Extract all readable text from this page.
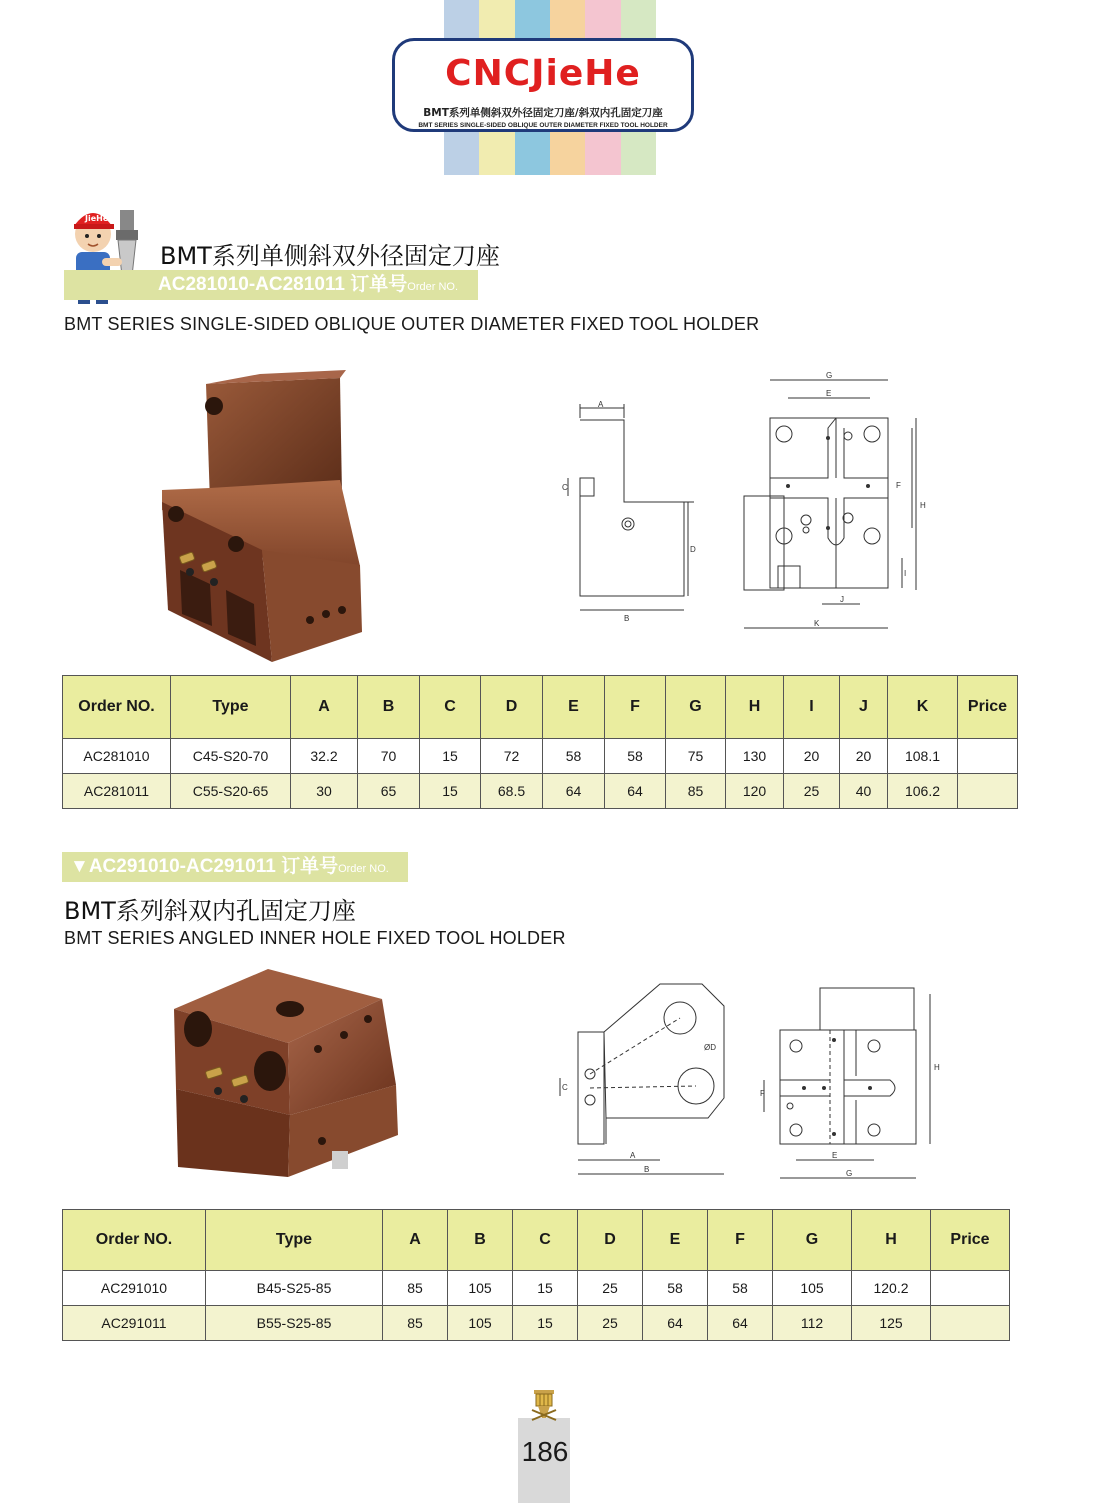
CNCJieHe
BMT系列单侧斜双外径固定刀座/斜双内孔固定刀座
BMT SERIES SINGLE-SIDED OBLIQUE OUTER DIAMETER FIXED TOOL HOLDER
JieHe
BMT系列单侧斜双外径固定刀座
AC281010-AC281011 订单号Order NO.
BMT SERIES SINGLE-SIDED OBLIQUE OUTER DIAMETER FIXED TOOL HOLDER
A
B
C
D
G
E
F
H
I
J
K
Order NO.	Type	A	B	C	D	E	F	G	H	I	J	K	Price
AC281010	C45-S20-70	32.2	70	15	72	58	58	75	130	20	20	108.1	
AC281011	C55-S20-65	30	65	15	68.5	64	64	85	120	25	40	106.2	
▼AC291010-AC291011 订单号Order NO.
BMT系列斜双内孔固定刀座
BMT SERIES ANGLED INNER HOLE FIXED TOOL HOLDER
A
B
C
ØD
E
F
G
H
Order NO.	Type	A	B	C	D	E	F	G	H	Price
AC291010	B45-S25-85	85	105	15	25	58	58	105	120.2	
AC291011	B55-S25-85	85	105	15	25	64	64	112	125	
186
